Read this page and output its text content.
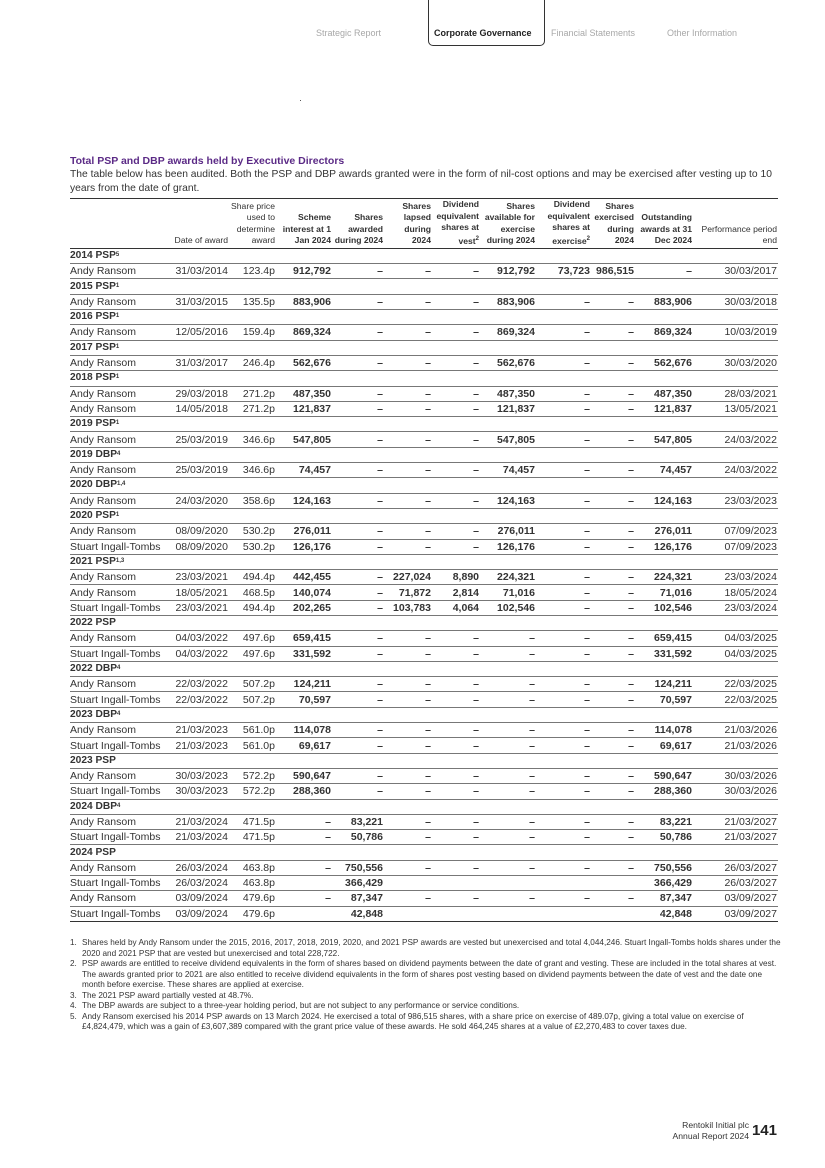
Strategic Report	Corporate Governance Financial Statements	Other Information
Total PSP and DBP awards held by Executive Directors
The table below has been audited. Both the PSP and DBP awards granted were in the form of nil-cost options and may be exercised after vesting up to 10 years from the date of grant.
	Date of award	Share price used to determine award	Scheme interest at 1 Jan 2024	Shares awarded during 2024	Shares lapsed during 2024	Dividend equivalent shares at vest$^2$	Shares available for exercise during 2024	Dividend equivalent shares at exercise$^2$	Shares exercised during 2024	Outstanding awards at 31 Dec 2024	Performance period end
2014 PSP$^5$
Andy Ransom	31/03/2014	123.4p	912,792	–	–	–	912,792	73,723	986,515	–	30/03/2017
2015 PSP$^1$
Andy Ransom	31/03/2015	135.5p	883,906	–	–	–	883,906	–	–	883,906	30/03/2018
2016 PSP$^1$
Andy Ransom	12/05/2016	159.4p	869,324	–	–	–	869,324	–	–	869,324	10/03/2019
2017 PSP$^1$
Andy Ransom	31/03/2017	246.4p	562,676	–	–	–	562,676	–	–	562,676	30/03/2020
2018 PSP$^1$
Andy Ransom	29/03/2018	271.2p	487,350	–	–	–	487,350	–	–	487,350	28/03/2021
Andy Ransom	14/05/2018	271.2p	121,837	–	–	–	121,837	–	–	121,837	13/05/2021
2019 PSP$^1$
Andy Ransom	25/03/2019	346.6p	547,805	–	–	–	547,805	–	–	547,805	24/03/2022
2019 DBP$^4$
Andy Ransom	25/03/2019	346.6p	74,457	–	–	–	74,457	–	–	74,457	24/03/2022
2020 DBP$^{1,4}$
Andy Ransom	24/03/2020	358.6p	124,163	–	–	–	124,163	–	–	124,163	23/03/2023
2020 PSP$^1$
Andy Ransom	08/09/2020	530.2p	276,011	–	–	–	276,011	–	–	276,011	07/09/2023
Stuart Ingall-Tombs	08/09/2020	530.2p	126,176	–	–	–	126,176	–	–	126,176	07/09/2023
2021 PSP$^{1,3}$
Andy Ransom	23/03/2021	494.4p	442,455	–	227,024	8,890	224,321	–	–	224,321	23/03/2024
Andy Ransom	18/05/2021	468.5p	140,074	–	71,872	2,814	71,016	–	–	71,016	18/05/2024
Stuart Ingall-Tombs	23/03/2021	494.4p	202,265	–	103,783	4,064	102,546	–	–	102,546	23/03/2024
2022 PSP											
Andy Ransom	04/03/2022	497.6p	659,415	–	–	–	–	–	–	659,415	04/03/2025
Stuart Ingall-Tombs	04/03/2022	497.6p	331,592	–	–	–	–	–	–	331,592	04/03/2025
2022 DBP$^4$
Andy Ransom	22/03/2022	507.2p	124,211	–	–	–	–	–	–	124,211	22/03/2025
Stuart Ingall-Tombs	22/03/2022	507.2p	70,597	–	–	–	–	–	–	70,597	22/03/2025
2023 DBP$^4$
Andy Ransom	21/03/2023	561.0p	114,078	–	–	–	–	–	–	114,078	21/03/2026
Stuart Ingall-Tombs	21/03/2023	561.0p	69,617	–	–	–	–	–	–	69,617	21/03/2026
2023 PSP											
Andy Ransom	30/03/2023	572.2p	590,647	–	–	–	–	–	–	590,647	30/03/2026
Stuart Ingall-Tombs	30/03/2023	572.2p	288,360	–	–	–	–	–	–	288,360	30/03/2026
2024 DBP$^4$
Andy Ransom	21/03/2024	471.5p	–	83,221	–	–	–	–	–	83,221	21/03/2027
Stuart Ingall-Tombs	21/03/2024	471.5p	–	50,786	–	–	–	–	–	50,786	21/03/2027
2024 PSP											
Andy Ransom	26/03/2024	463.8p	–	750,556	–	–	–	–	–	750,556	26/03/2027
Stuart Ingall-Tombs	26/03/2024	463.8p		366,429						366,429	26/03/2027
Andy Ransom	03/09/2024	479.6p	–	87,347	–	–	–	–	–	87,347	03/09/2027
Stuart Ingall-Tombs	03/09/2024	479.6p		42,848						42,848	03/09/2027
1. Shares held by Andy Ransom under the 2015, 2016, 2017, 2018, 2019, 2020, and 2021 PSP awards are vested but unexercised and total 4,044,246. Stuart Ingall-Tombs holds shares under the 2020 and 2021 PSP that are vested but unexercised and total 228,722.
2. PSP awards are entitled to receive dividend equivalents in the form of shares based on dividend payments between the date of grant and vesting. These are included in the total shares at vest. The awards granted prior to 2021 are also entitled to receive dividend equivalents in the form of shares post vesting based on dividend payments between the date of vest and the date one month before exercise. These shares are applied at exercise.
3. The 2021 PSP award partially vested at 48.7%.
4. The DBP awards are subject to a three-year holding period, but are not subject to any performance or service conditions.
5. Andy Ransom exercised his 2014 PSP awards on 13 March 2024. He exercised a total of 986,515 shares, with a share price on exercise of 489.07p, giving a total value on exercise of £4,824,479, which was a gain of £3,607,389 compared with the grant price value of these awards. He sold 464,245 shares at a value of £2,270,483 to cover taxes due.
Rentokil Initial plc
Annual Report 2024 141
